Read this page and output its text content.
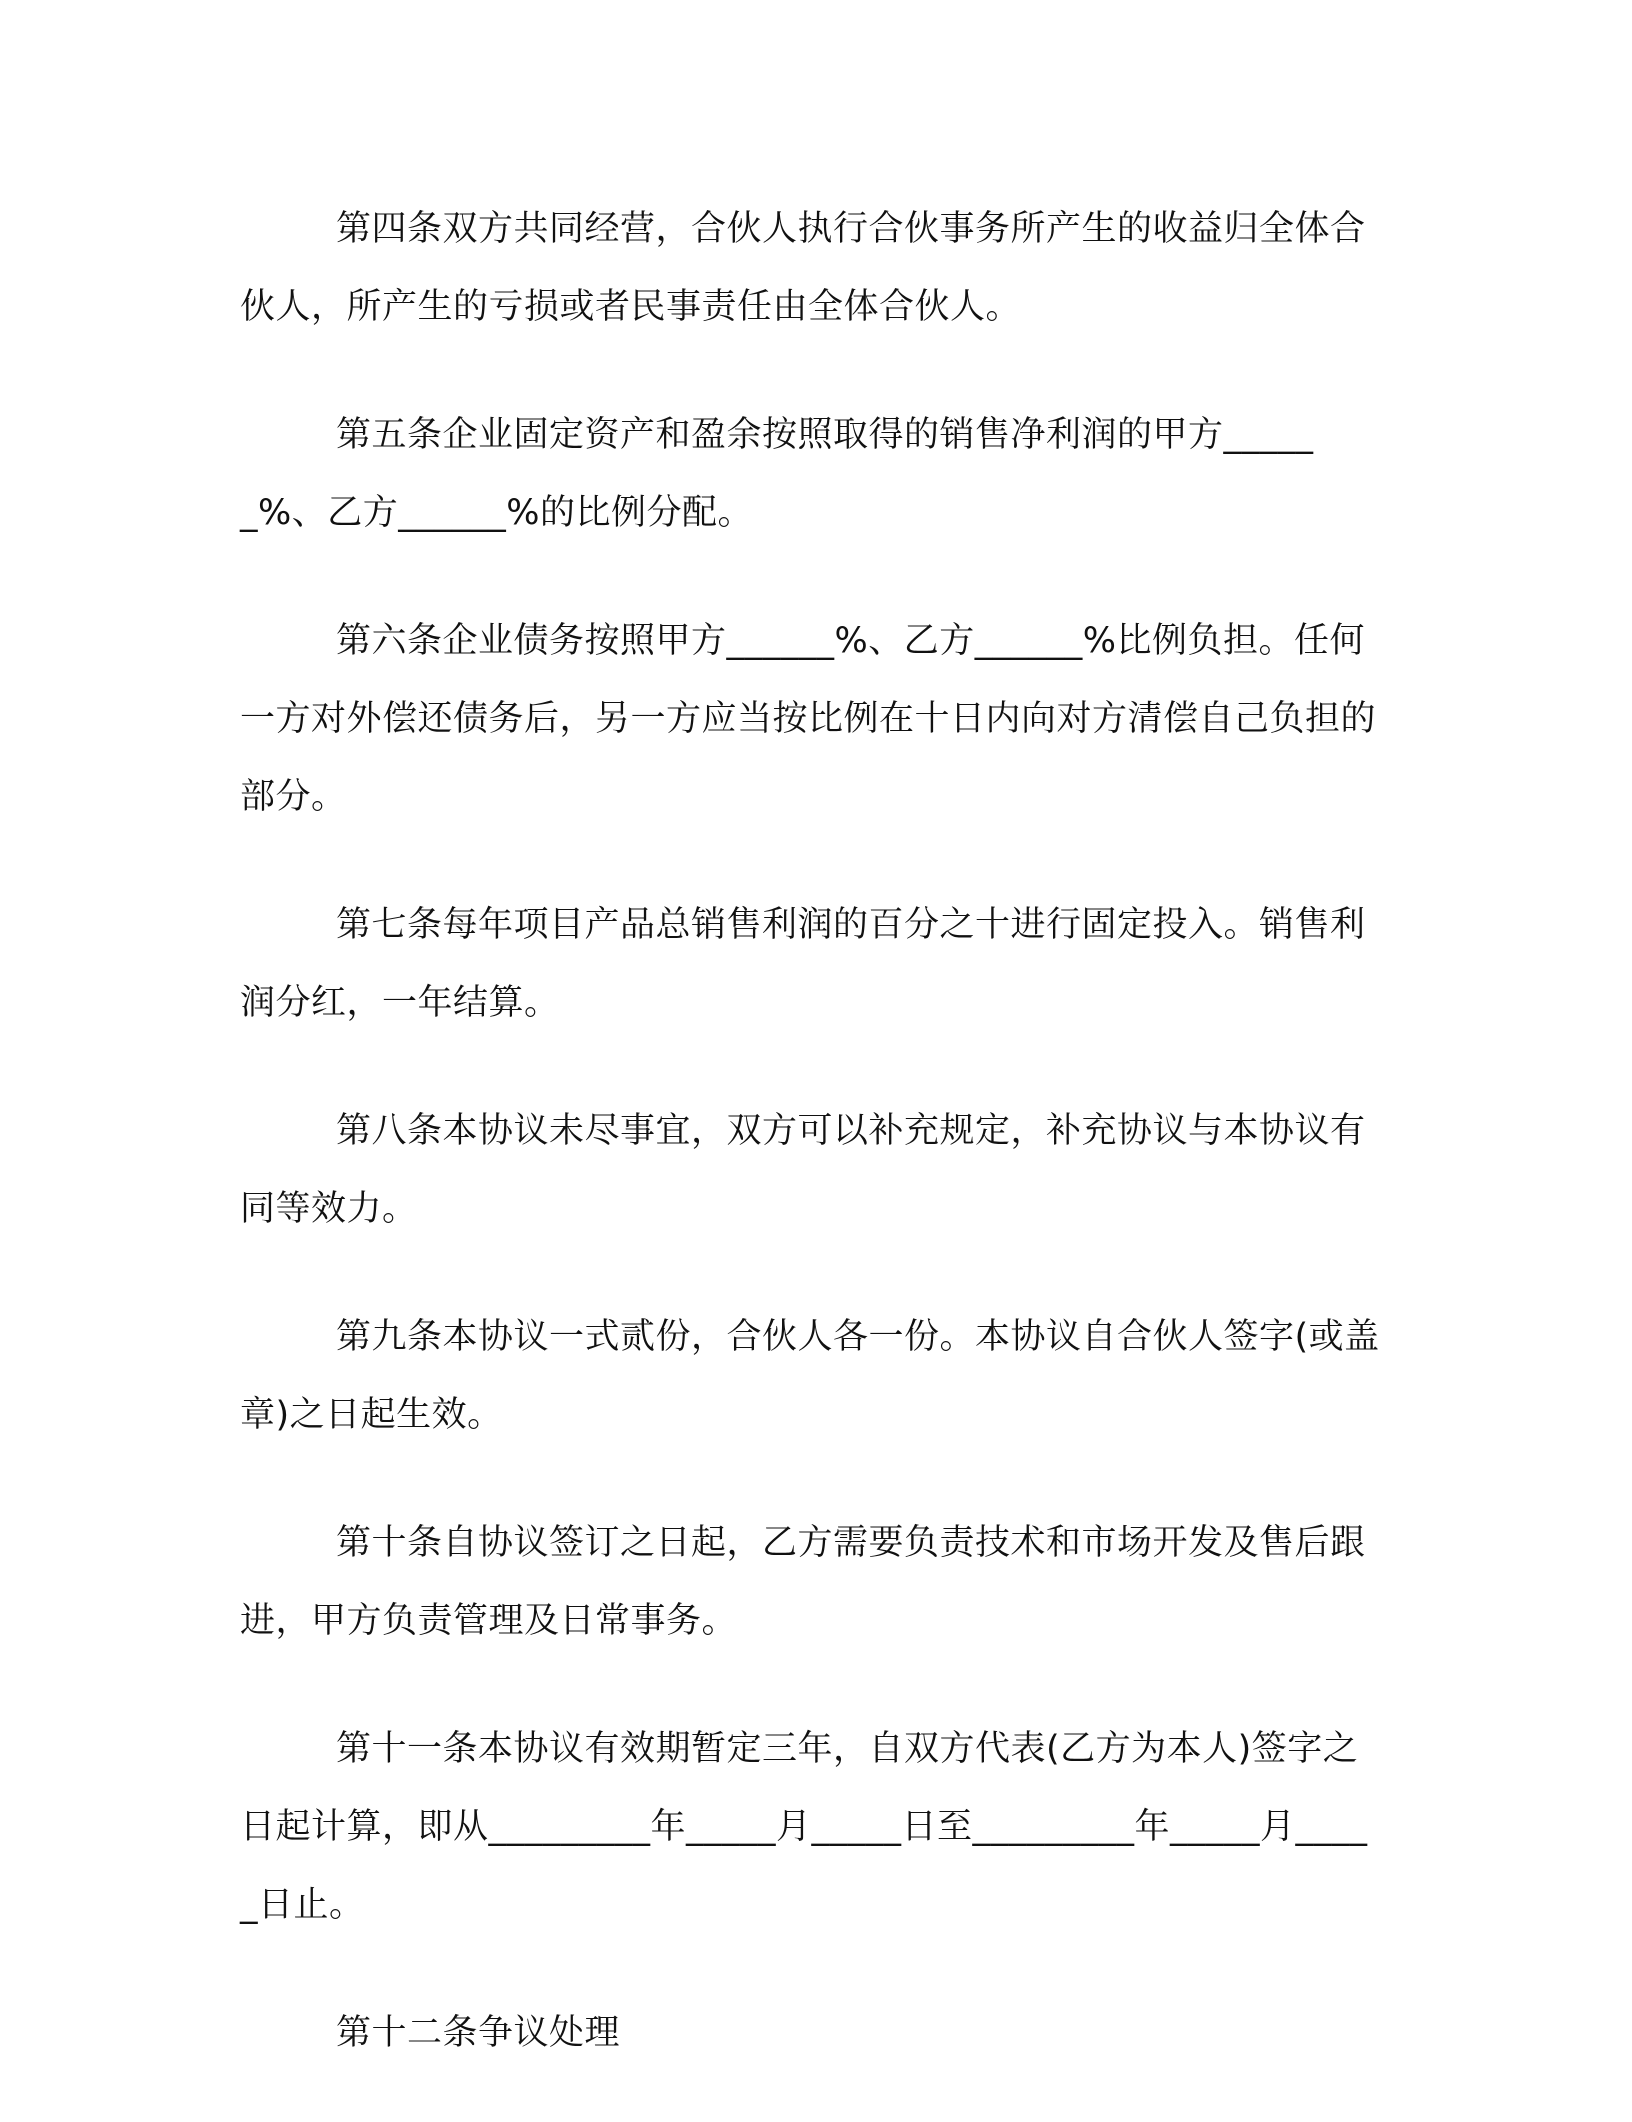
第四条双方共同经营，合伙人执行合伙事务所产生的收益归全体合伙人，所产生的亏损或者民事责任由全体合伙人。

第五条企业固定资产和盈余按照取得的销售净利润的甲方______%、乙方______%的比例分配。

第六条企业债务按照甲方______%、乙方______%比例负担。任何一方对外偿还债务后，另一方应当按比例在十日内向对方清偿自己负担的部分。

第七条每年项目产品总销售利润的百分之十进行固定投入。销售利润分红，一年结算。

第八条本协议未尽事宜，双方可以补充规定，补充协议与本协议有同等效力。

第九条本协议一式贰份，合伙人各一份。本协议自合伙人签字(或盖章)之日起生效。

第十条自协议签订之日起，乙方需要负责技术和市场开发及售后跟进，甲方负责管理及日常事务。

第十一条本协议有效期暂定三年，自双方代表(乙方为本人)签字之日起计算，即从_________年_____月_____日至_________年_____月_____日止。

第十二条争议处理
